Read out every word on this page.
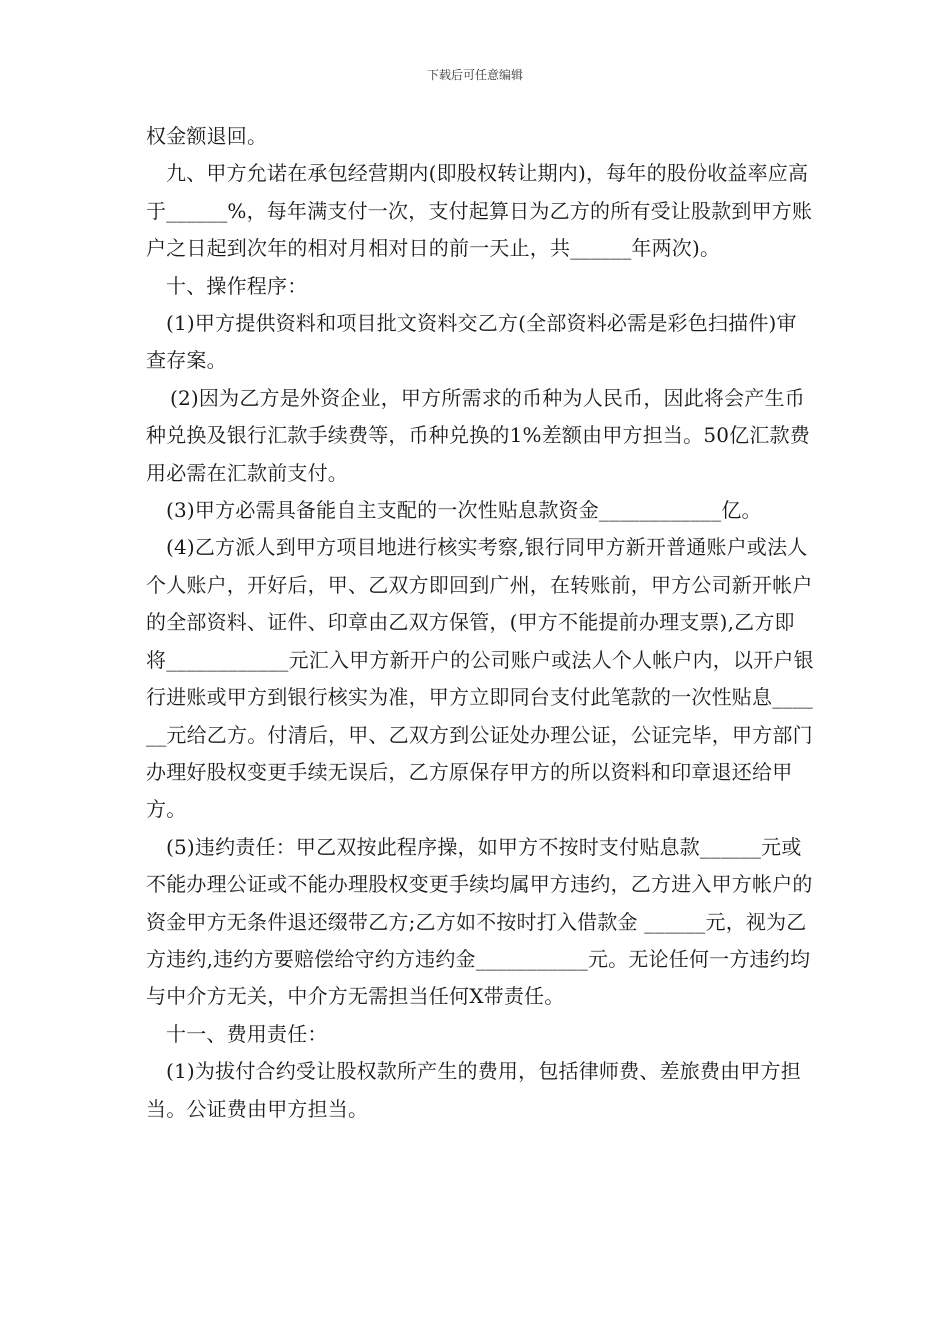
下载后可任意编辑

权金额退回。

九、甲方允诺在承包经营期内(即股权转让期内)，每年的股份收益率应高于______%，每年满支付一次，支付起算日为乙方的所有受让股款到甲方账户之日起到次年的相对月相对日的前一天止，共______年两次)。

十、操作程序：

(1)甲方提供资料和项目批文资料交乙方(全部资料必需是彩色扫描件)审查存案。

(2)因为乙方是外资企业，甲方所需求的币种为人民币，因此将会产生币种兑换及银行汇款手续费等，币种兑换的1%差额由甲方担当。50亿汇款费用必需在汇款前支付。

(3)甲方必需具备能自主支配的一次性贴息款资金____________亿。

(4)乙方派人到甲方项目地进行核实考察,银行同甲方新开普通账户或法人个人账户，开好后，甲、乙双方即回到广州，在转账前，甲方公司新开帐户的全部资料、证件、印章由乙双方保管，(甲方不能提前办理支票),乙方即将____________元汇入甲方新开户的公司账户或法人个人帐户内，以开户银行进账或甲方到银行核实为准，甲方立即同台支付此笔款的一次性贴息______元给乙方。付清后，甲、乙双方到公证处办理公证，公证完毕，甲方部门办理好股权变更手续无误后，乙方原保存甲方的所以资料和印章退还给甲方。

(5)违约责任：甲乙双按此程序操，如甲方不按时支付贴息款______元或不能办理公证或不能办理股权变更手续均属甲方违约，乙方进入甲方帐户的资金甲方无条件退还缀带乙方;乙方如不按时打入借款金 ______元，视为乙方违约,违约方要赔偿给守约方违约金___________元。无论任何一方违约均与中介方无关，中介方无需担当任何X带责任。

十一、费用责任：

(1)为拔付合约受让股权款所产生的费用，包括律师费、差旅费由甲方担当。公证费由甲方担当。
